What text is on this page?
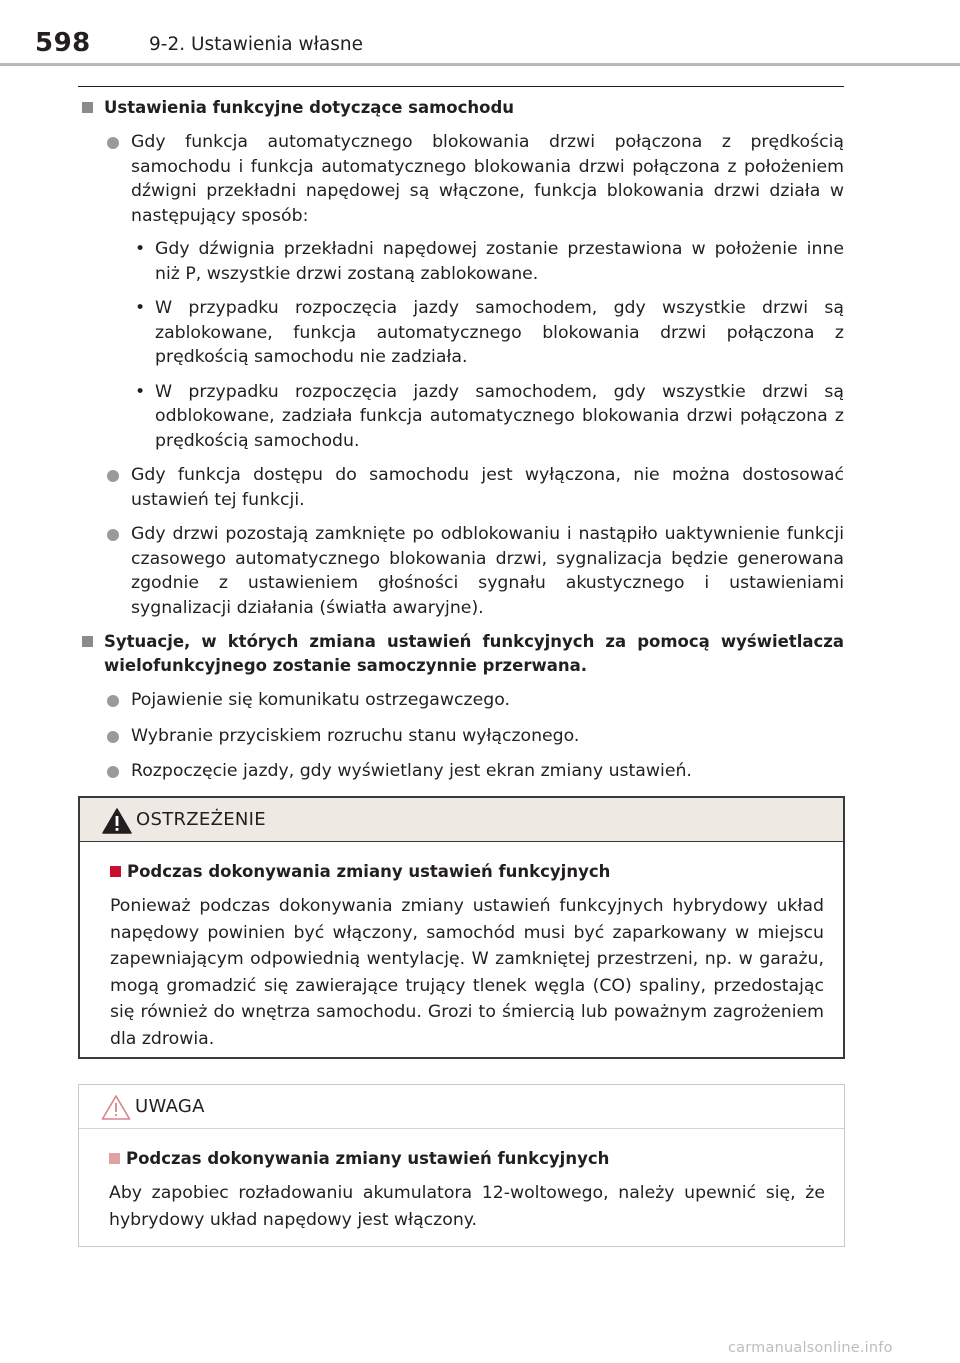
598	9-2. Ustawienia własne
Ustawienia funkcyjne dotyczące samochodu
Gdy funkcja automatycznego blokowania drzwi połączona z prędkością samochodu i funkcja automatycznego blokowania drzwi połączona z położeniem dźwigni przekładni napędowej są włączone, funkcja blokowania drzwi działa w następujący sposób:
• Gdy dźwignia przekładni napędowej zostanie przestawiona w położenie inne niż P, wszystkie drzwi zostaną zablokowane.
• W przypadku rozpoczęcia jazdy samochodem, gdy wszystkie drzwi są zablokowane, funkcja automatycznego blokowania drzwi połączona z prędkością samochodu nie zadziała.
• W przypadku rozpoczęcia jazdy samochodem, gdy wszystkie drzwi są odblokowane, zadziała funkcja automatycznego blokowania drzwi połączona z prędkością samochodu.
Gdy funkcja dostępu do samochodu jest wyłączona, nie można dostosować ustawień tej funkcji.
Gdy drzwi pozostają zamknięte po odblokowaniu i nastąpiło uaktywnienie funkcji czasowego automatycznego blokowania drzwi, sygnalizacja będzie generowana zgodnie z ustawieniem głośności sygnału akustycznego i ustawieniami sygnalizacji działania (światła awaryjne).
Sytuacje, w których zmiana ustawień funkcyjnych za pomocą wyświetlacza wielofunkcyjnego zostanie samoczynnie przerwana.
Pojawienie się komunikatu ostrzegawczego.
Wybranie przyciskiem rozruchu stanu wyłączonego.
Rozpoczęcie jazdy, gdy wyświetlany jest ekran zmiany ustawień.
OSTRZEŻENIE
Podczas dokonywania zmiany ustawień funkcyjnych

Ponieważ podczas dokonywania zmiany ustawień funkcyjnych hybrydowy układ napędowy powinien być włączony, samochód musi być zaparkowany w miejscu zapewniającym odpowiednią wentylację. W zamkniętej przestrzeni, np. w garażu, mogą gromadzić się zawierające trujący tlenek węgla (CO) spaliny, przedostając się również do wnętrza samochodu. Grozi to śmiercią lub poważnym zagrożeniem dla zdrowia.

UWAGA
Podczas dokonywania zmiany ustawień funkcyjnych

Aby zapobiec rozładowaniu akumulatora 12-woltowego, należy upewnić się, że hybrydowy układ napędowy jest włączony.

carmanualsonline.info
